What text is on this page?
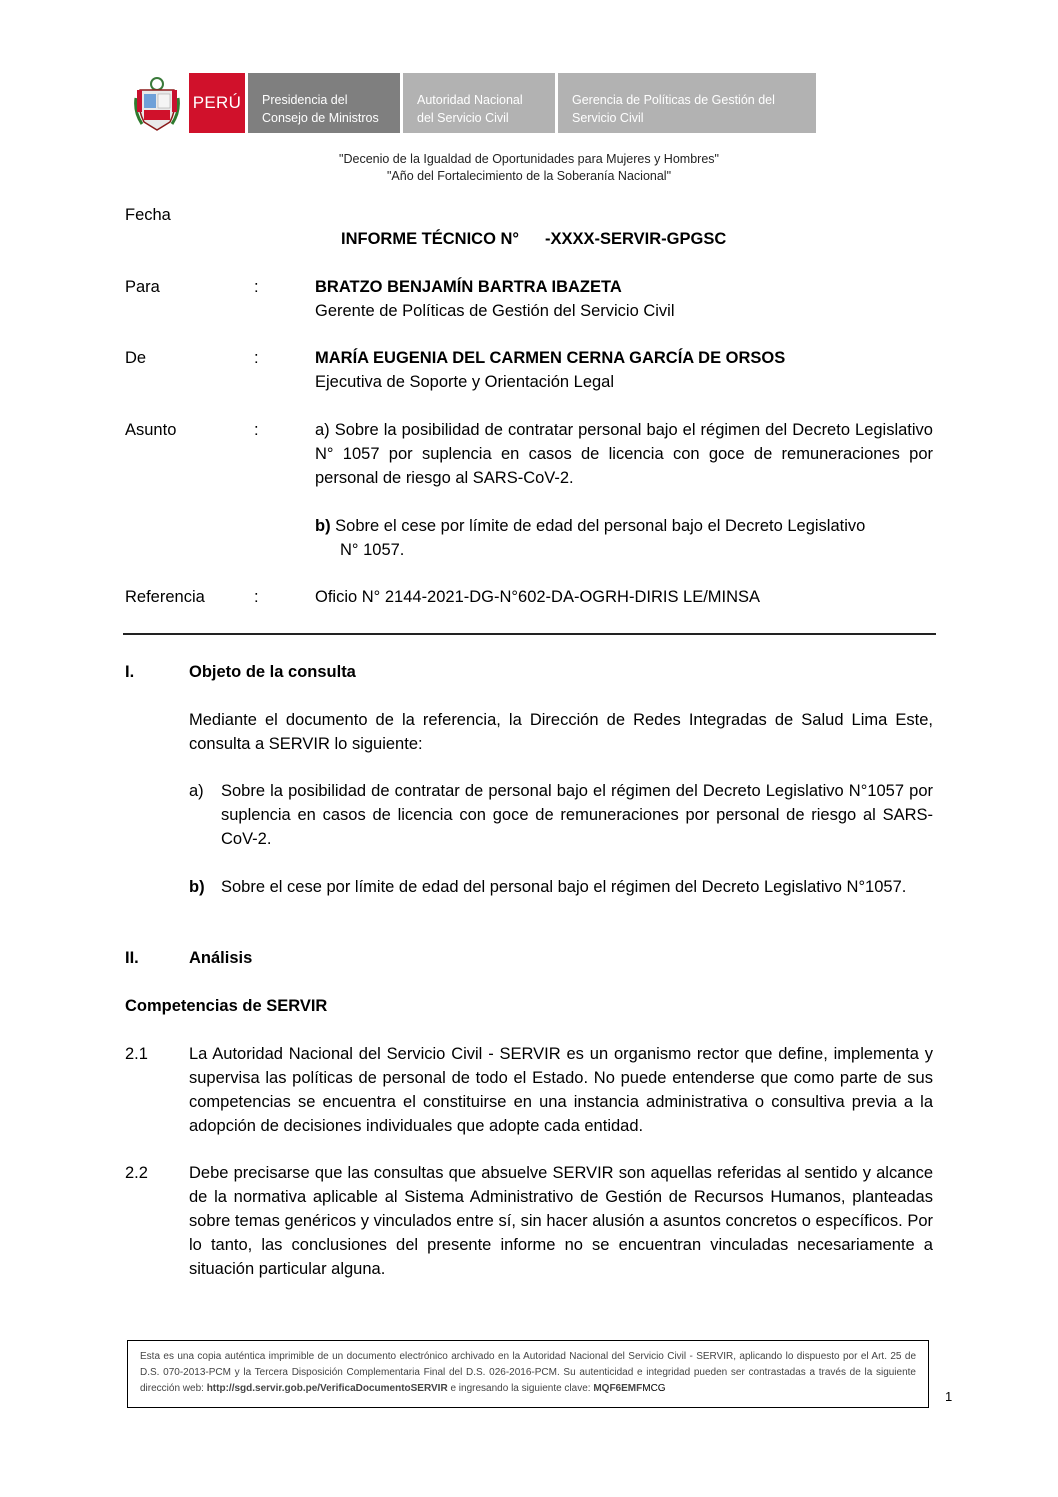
PERÚ	Presidencia del
Consejo de Ministros
Autoridad Nacional
del Servicio Civil
Gerencia de Políticas de Gestión del
Servicio Civil
"Decenio de la Igualdad de Oportunidades para Mujeres y Hombres"
"Año del Fortalecimiento de la Soberanía Nacional"
Fecha
INFORME TÉCNICO N° -XXXX-SERVIR-GPGSC
Para	:	BRATZO BENJAMÍN BARTRA IBAZETA
Gerente de Políticas de Gestión del Servicio Civil
De	:	MARÍA EUGENIA DEL CARMEN CERNA GARCÍA DE ORSOS
Ejecutiva de Soporte y Orientación Legal
Asunto	:	a) Sobre la posibilidad de contratar personal bajo el régimen del Decreto Legislativo N° 1057 por suplencia en casos de licencia con goce de remuneraciones por personal de riesgo al SARS-CoV-2.
b) Sobre el cese por límite de edad del personal bajo el Decreto Legislativo
N° 1057.
Referencia	:	Oficio N° 2144-2021-DG-N°602-DA-OGRH-DIRIS LE/MINSA
I.	Objeto de la consulta
Mediante el documento de la referencia, la Dirección de Redes Integradas de Salud Lima Este, consulta a SERVIR lo siguiente:
a) Sobre la posibilidad de contratar de personal bajo el régimen del Decreto Legislativo N°1057 por suplencia en casos de licencia con goce de remuneraciones por personal de riesgo al SARS-CoV-2.
b) Sobre el cese por límite de edad del personal bajo el régimen del Decreto Legislativo N°1057.
II.	Análisis
Competencias de SERVIR
2.1 La Autoridad Nacional del Servicio Civil - SERVIR es un organismo rector que define, implementa y supervisa las políticas de personal de todo el Estado. No puede entenderse que como parte de sus competencias se encuentra el constituirse en una instancia administrativa o consultiva previa a la adopción de decisiones individuales que adopte cada entidad.
2.2 Debe precisarse que las consultas que absuelve SERVIR son aquellas referidas al sentido y alcance de la normativa aplicable al Sistema Administrativo de Gestión de Recursos Humanos, planteadas sobre temas genéricos y vinculados entre sí, sin hacer alusión a asuntos concretos o específicos. Por lo tanto, las conclusiones del presente informe no se encuentran vinculadas necesariamente a situación particular alguna.
Esta es una copia auténtica imprimible de un documento electrónico archivado en la Autoridad Nacional del Servicio Civil - SERVIR, aplicando lo dispuesto por el Art. 25 de D.S. 070-2013-PCM y la Tercera Disposición Complementaria Final del D.S. 026-2016-PCM. Su autenticidad e integridad pueden ser contrastadas a través de la siguiente dirección web: http://sgd.servir.gob.pe/VerificaDocumentoSERVIR e ingresando la siguiente clave: MQF6EMFMCG
1
